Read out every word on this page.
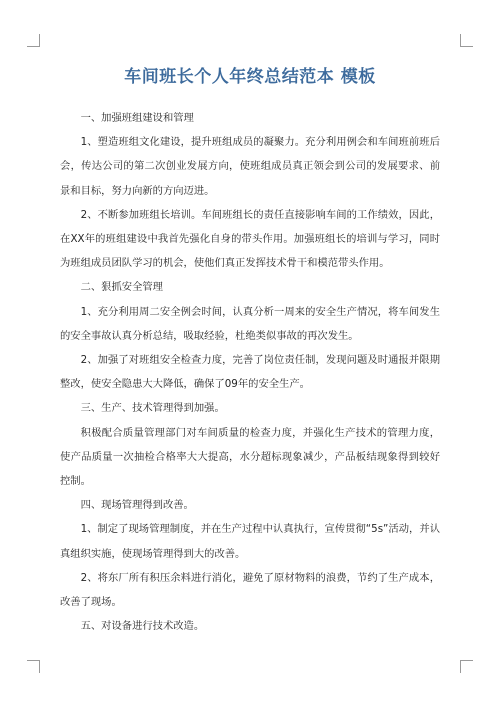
车间班长个人年终总结范本 模板

一、加强班组建设和管理

1、塑造班组文化建设，提升班组成员的凝聚力。充分利用例会和车间班前班后会，传达公司的第二次创业发展方向，使班组成员真正领会到公司的发展要求、前景和目标，努力向新的方向迈进。

2、不断参加班组长培训。车间班组长的责任直接影响车间的工作绩效，因此，在XX年的班组建设中我首先强化自身的带头作用。加强班组长的培训与学习，同时为班组成员团队学习的机会，使他们真正发挥技术骨干和模范带头作用。

二、狠抓安全管理

1、充分利用周二安全例会时间，认真分析一周来的安全生产情况，将车间发生的安全事故认真分析总结，吸取经验，杜绝类似事故的再次发生。

2、加强了对班组安全检查力度，完善了岗位责任制，发现问题及时通报并限期整改，使安全隐患大大降低，确保了09年的安全生产。

三、生产、技术管理得到加强。

积极配合质量管理部门对车间质量的检查力度，并强化生产技术的管理力度，使产品质量一次抽检合格率大大提高，水分超标现象减少，产品板结现象得到较好控制。

四、现场管理得到改善。

1、制定了现场管理制度，并在生产过程中认真执行，宣传贯彻“5s”活动，并认真组织实施，使现场管理得到大的改善。

2、将东厂所有积压余料进行消化，避免了原材物料的浪费，节约了生产成本，改善了现场。

五、对设备进行技术改造。
